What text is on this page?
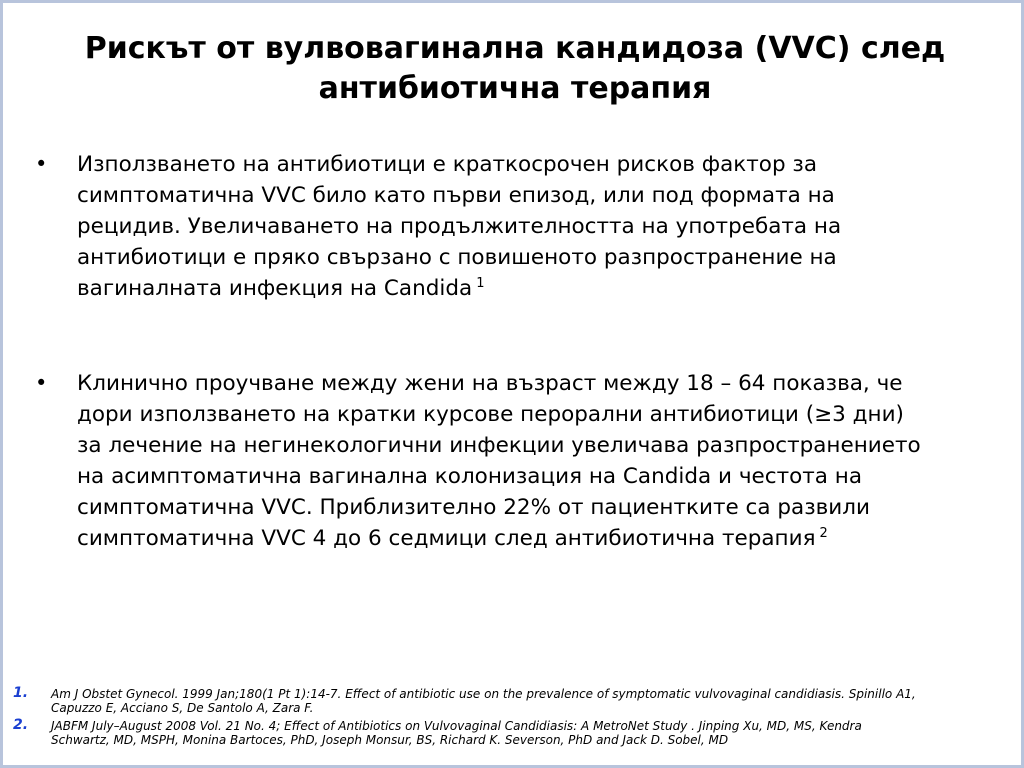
Рискът от вулвовагинална кандидоза (VVC) след
антибиотична терапия
•	Използването на антибиотици е краткосрочен рисков фактор за
симптоматична VVC било като първи епизод, или под формата на
рецидив. Увеличаването на продължителността на употребата на
антибиотици е пряко свързано с повишеното разпространение на
вагиналната инфекция на Candida $^1$
•	Клинично проучване между жени на възраст между 18 – 64 показва, че
дори използването на кратки курсове перорални антибиотици (≥3 дни)
за лечение на негинекологични инфекции увеличава разпространението
на асимптоматична вагинална колонизация на Candida и честота на
симптоматична VVC. Приблизително 22% от пациентките са развили
симптоматична VVC 4 до 6 седмици след антибиотична терапия $^2$
1. Am J Obstet Gynecol. 1999 Jan;180(1 Pt 1):14-7. Effect of antibiotic use on the prevalence of symptomatic vulvovaginal candidiasis. Spinillo A1,
Capuzzo E, Acciano S, De Santolo A, Zara F.
2. JABFM July–August 2008 Vol. 21 No. 4; Effect of Antibiotics on Vulvovaginal Candidiasis: A MetroNet Study . Jinping Xu, MD, MS, Kendra
Schwartz, MD, MSPH, Monina Bartoces, PhD, Joseph Monsur, BS, Richard K. Severson, PhD and Jack D. Sobel, MD
